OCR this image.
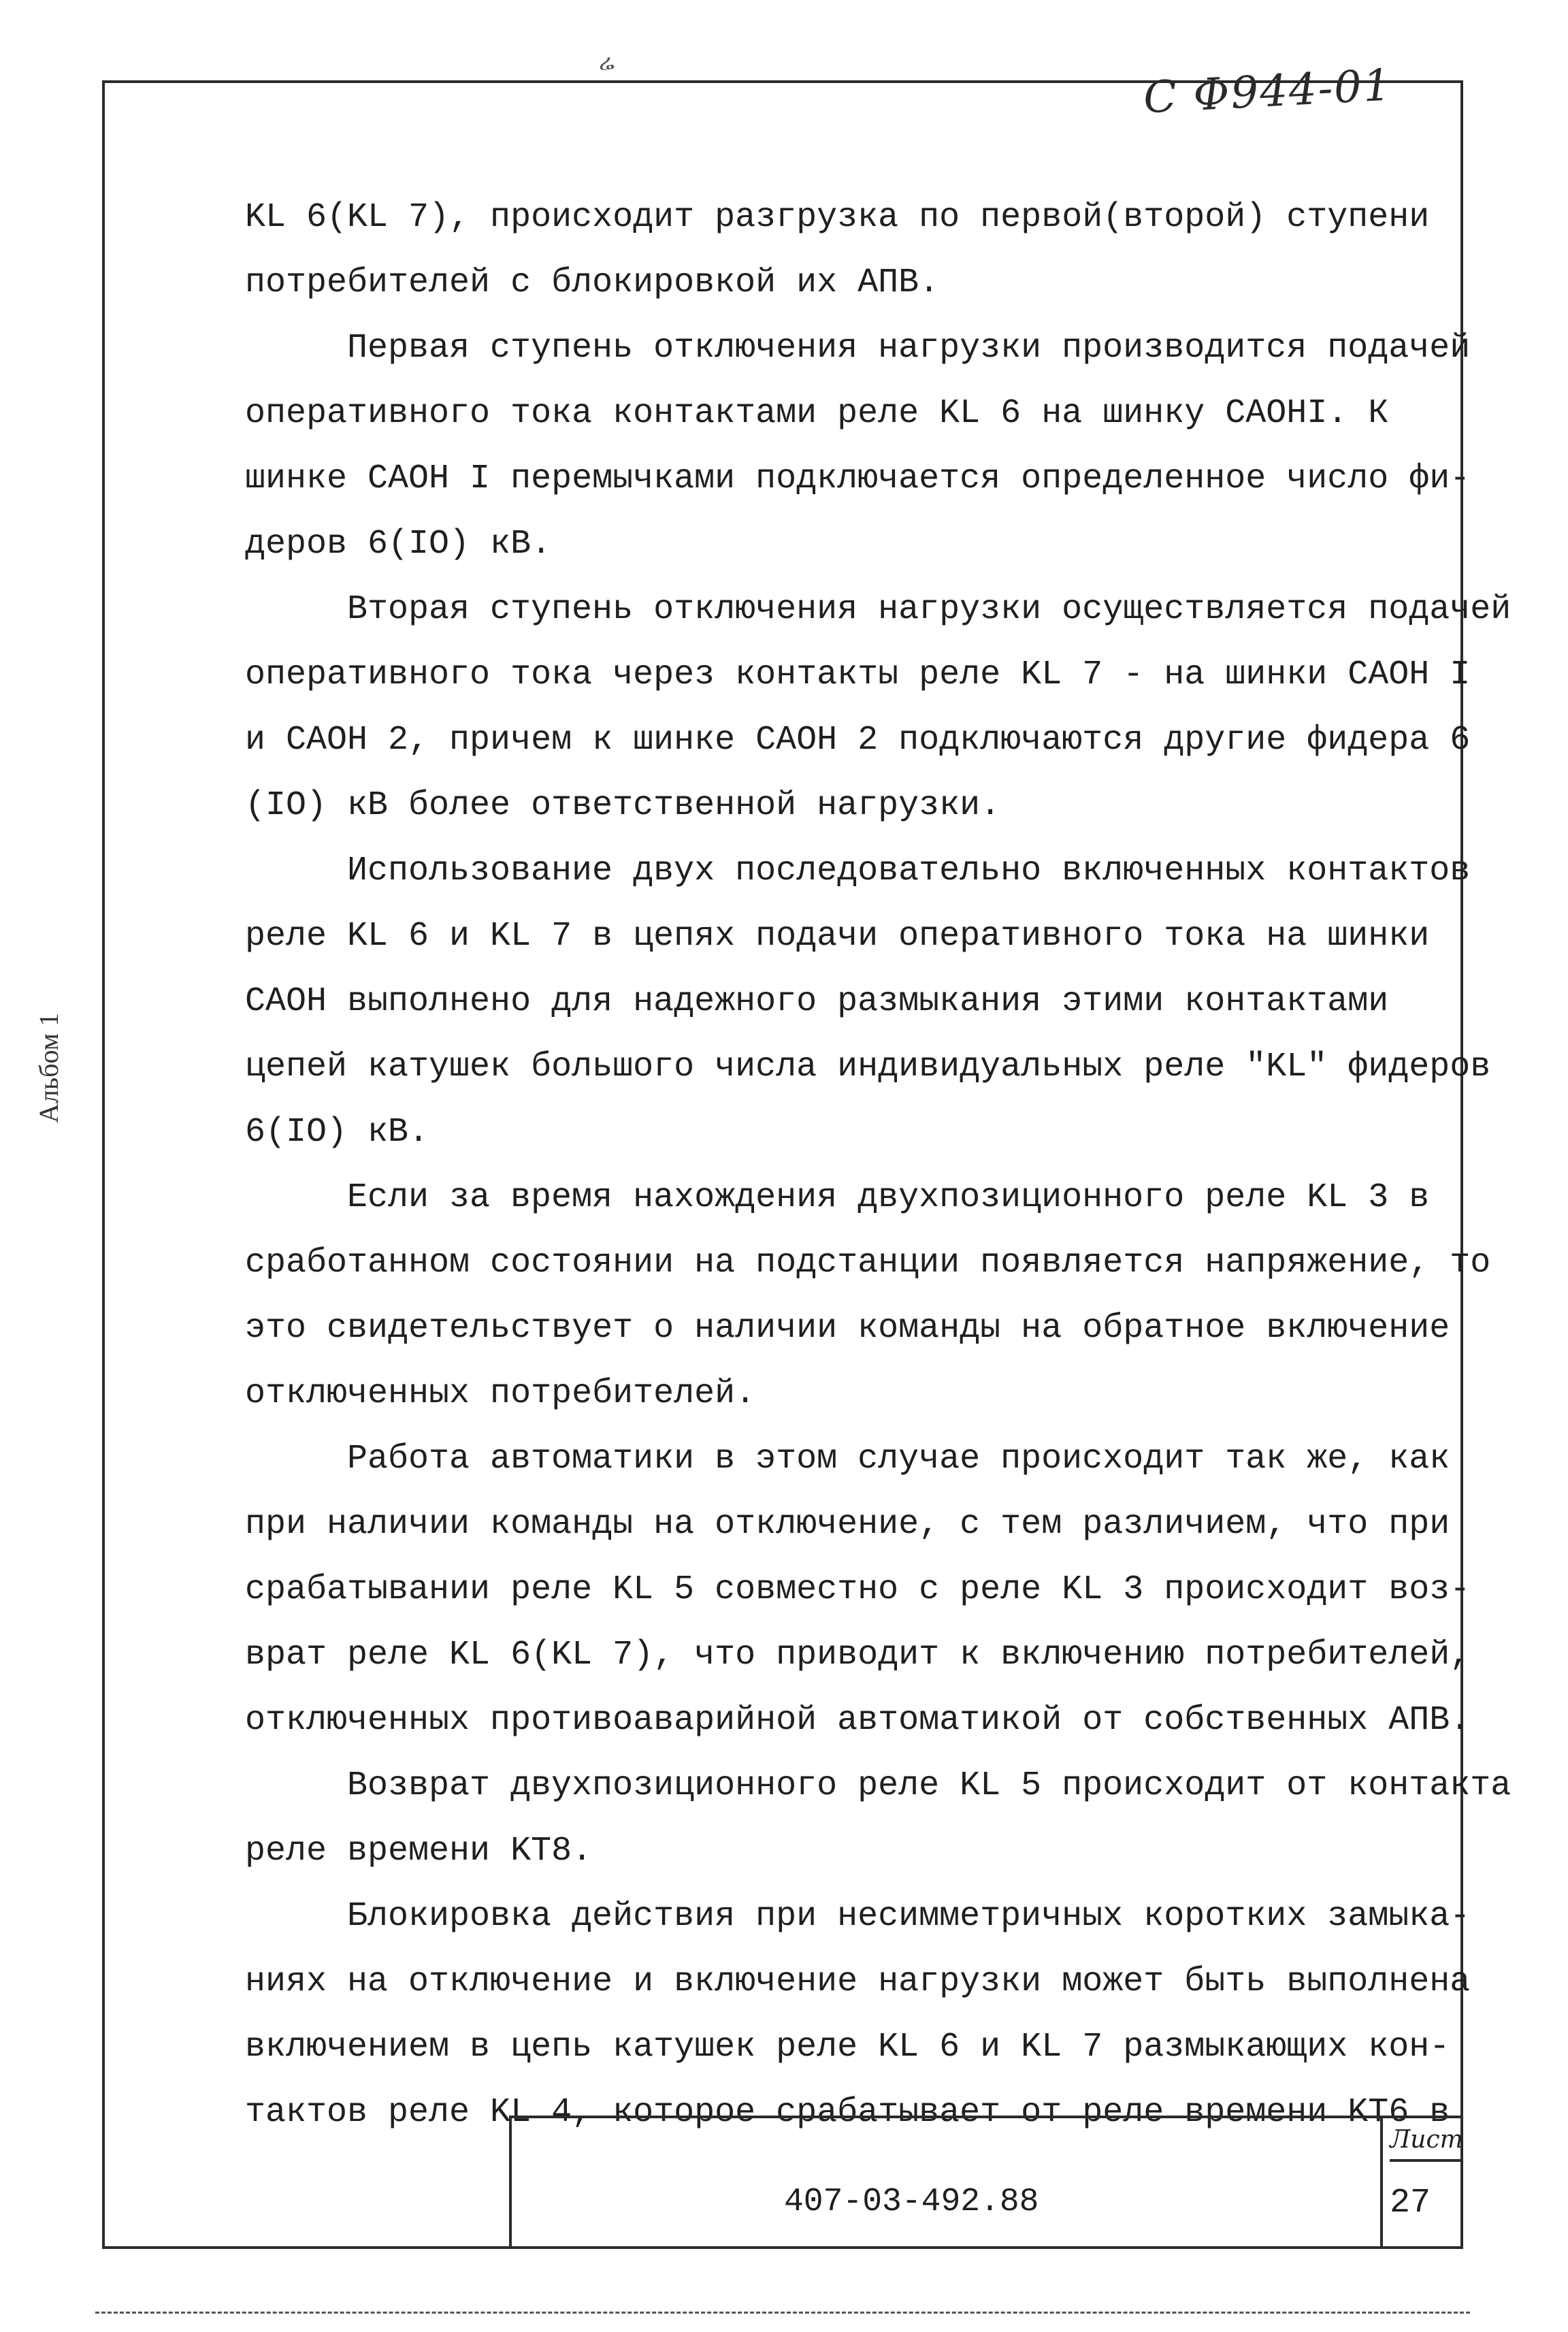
ሬ	С Ф944-01
Альбом 1
KL 6(KL 7), происходит разгрузка по первой(второй) ступени
потребителей с блокировкой их АПВ.
Первая ступень отключения нагрузки производится подачей
оперативного тока контактами реле KL 6 на шинку САОНI. К
шинке САОН I перемычками подключается определенное число фи-
деров 6(IO) кВ.
Вторая ступень отключения нагрузки осуществляется подачей
оперативного тока через контакты реле KL 7 - на шинки САОН I
и САОН 2, причем к шинке САОН 2 подключаются другие фидера 6
(IO) кВ более ответственной нагрузки.
Использование двух последовательно включенных контактов
реле KL 6 и KL 7 в цепях подачи оперативного тока на шинки
САОН выполнено для надежного размыкания этими контактами
цепей катушек большого числа индивидуальных реле "KL" фидеров
6(IO) кВ.
Если за время нахождения двухпозиционного реле KL 3 в
сработанном состоянии на подстанции появляется напряжение, то
это свидетельствует о наличии команды на обратное включение
отключенных потребителей.
Работа автоматики в этом случае происходит так же, как
при наличии команды на отключение, с тем различием, что при
срабатывании реле KL 5 совместно с реле KL 3 происходит воз-
врат реле KL 6(KL 7), что приводит к включению потребителей,
отключенных противоаварийной автоматикой от собственных АПВ.
Возврат двухпозиционного реле KL 5 происходит от контакта
реле времени KT8.
Блокировка действия при несимметричных коротких замыка-
ниях на отключение и включение нагрузки может быть выполнена
включением в цепь катушек реле KL 6 и KL 7 размыкающих кон-
тактов реле KL 4, которое срабатывает от реле времени KT6 в
407-03-492.88
Лист
27
